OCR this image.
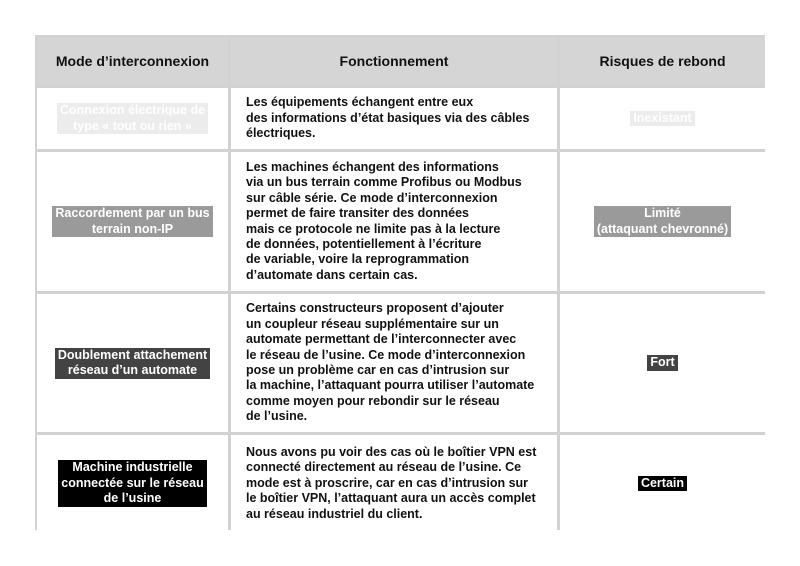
Mode d’interconnexion	Fonctionnement	Risques de rebond
Connexion électrique de
type « tout ou rien »
Les équipements échangent entre eux
des informations d’état basiques via des câbles
électriques.
Inexistant
Raccordement par un bus
terrain non-IP
Les machines échangent des informations
via un bus terrain comme Profibus ou Modbus
sur câble série. Ce mode d’interconnexion
permet de faire transiter des données
mais ce protocole ne limite pas à la lecture
de données, potentiellement à l’écriture
de variable, voire la reprogrammation
d’automate dans certain cas.
Limité
(attaquant chevronné)
Doublement attachement
réseau d’un automate
Certains constructeurs proposent d’ajouter
un coupleur réseau supplémentaire sur un
automate permettant de l’interconnecter avec
le réseau de l’usine. Ce mode d’interconnexion
pose un problème car en cas d’intrusion sur
la machine, l’attaquant pourra utiliser l’automate
comme moyen pour rebondir sur le réseau
de l’usine.
Fort
Machine industrielle
connectée sur le réseau
de l’usine
Nous avons pu voir des cas où le boîtier VPN est
connecté directement au réseau de l’usine. Ce
mode est à proscrire, car en cas d’intrusion sur
le boîtier VPN, l’attaquant aura un accès complet
au réseau industriel du client.
Certain
